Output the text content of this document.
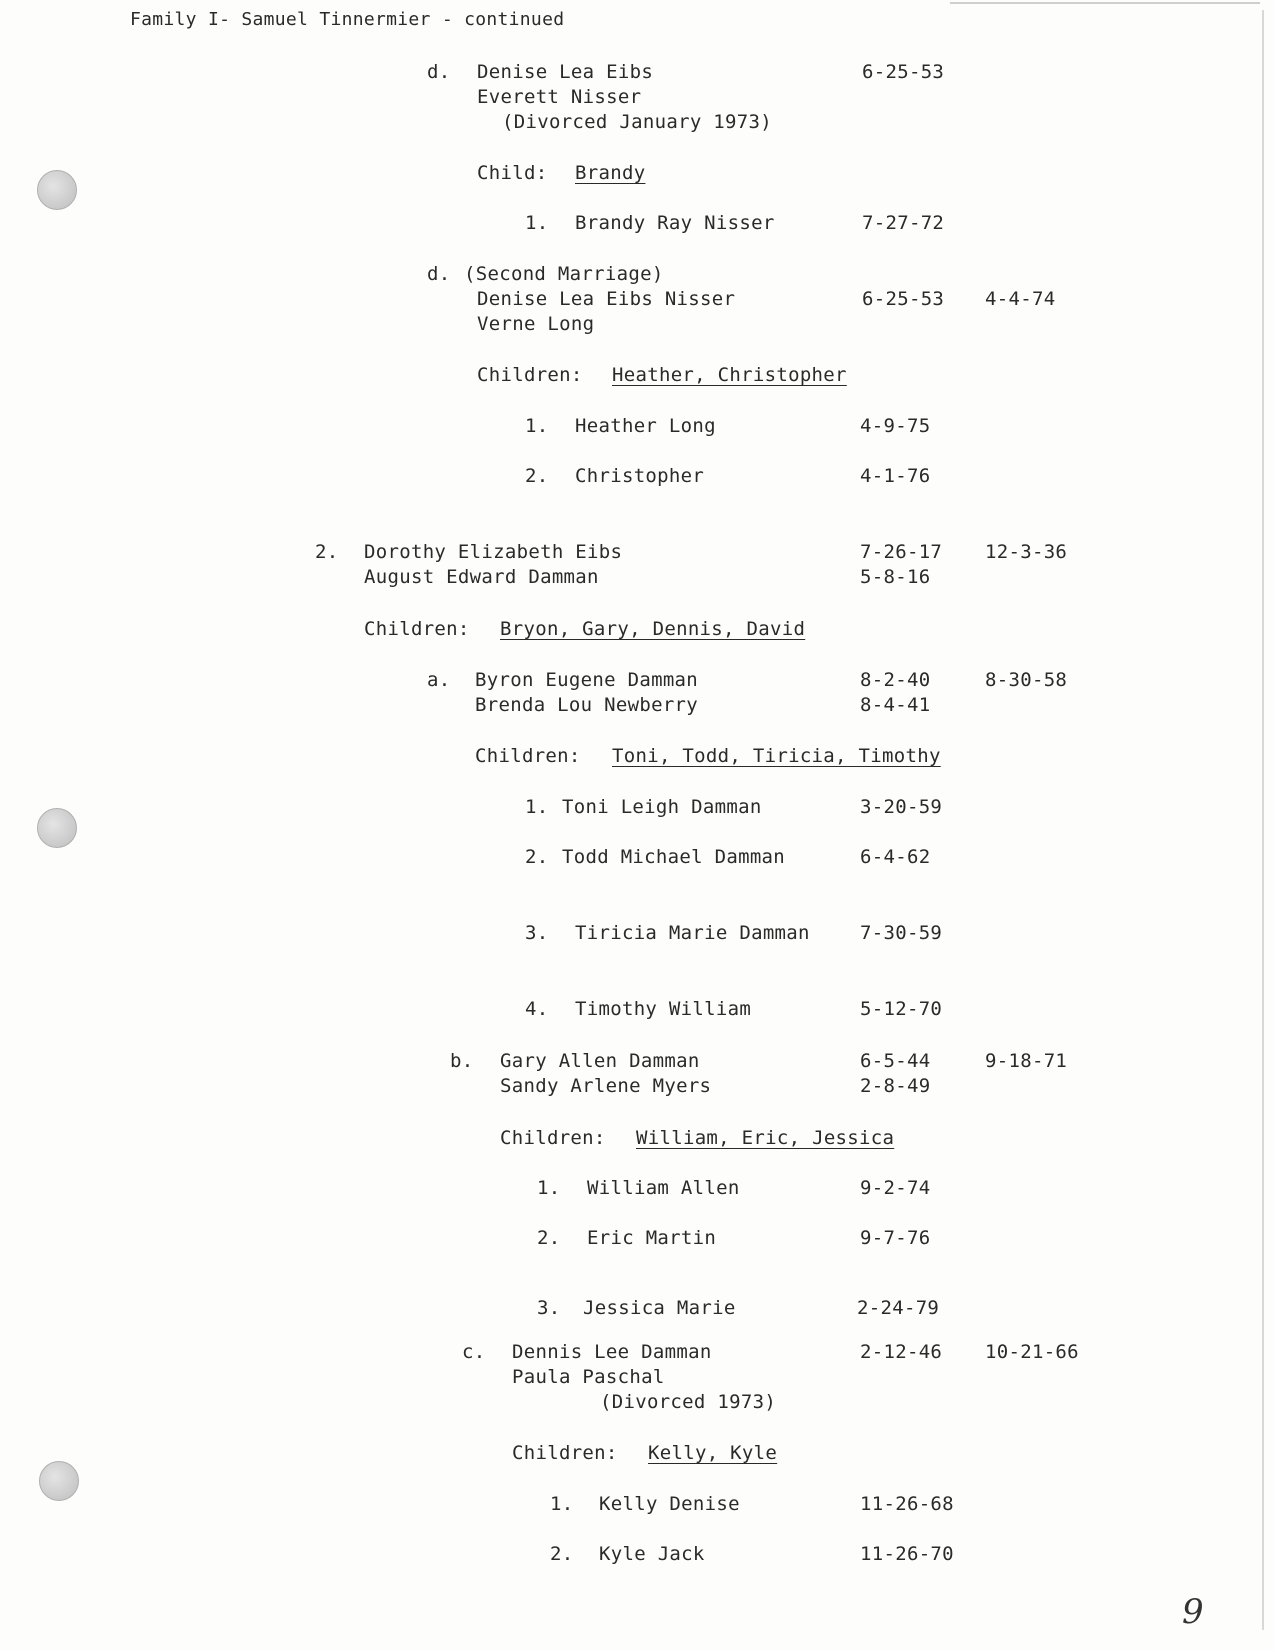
Family I- Samuel Tinnermier - continued
d. Denise Lea Eibs	6-25-53
Everett Nisser
(Divorced January 1973)
Child: Brandy
1. Brandy Ray Nisser	7-27-72
d. (Second Marriage)
Denise Lea Eibs Nisser	6-25-53 4-4-74
Verne Long
Children: Heather, Christopher
1. Heather Long	4-9-75
2. Christopher	4-1-76
2. Dorothy Elizabeth Eibs	7-26-17 12-3-36
August Edward Damman	5-8-16
Children: Bryon, Gary, Dennis, David
a. Byron Eugene Damman	8-2-40	8-30-58
Brenda Lou Newberry	8-4-41
Children: Toni, Todd, Tiricia, Timothy
1. Toni Leigh Damman	3-20-59
2. Todd Michael Damman	6-4-62
3. Tiricia Marie Damman	7-30-59
4. Timothy William	5-12-70
b. Gary Allen Damman	6-5-44	9-18-71
Sandy Arlene Myers	2-8-49
Children: William, Eric, Jessica
1. William Allen	9-2-74
2. Eric Martin	9-7-76
3. Jessica Marie	2-24-79
c. Dennis Lee Damman	2-12-46 10-21-66
Paula Paschal
(Divorced 1973)
Children: Kelly, Kyle
1. Kelly Denise	11-26-68
2. Kyle Jack	11-26-70
9
